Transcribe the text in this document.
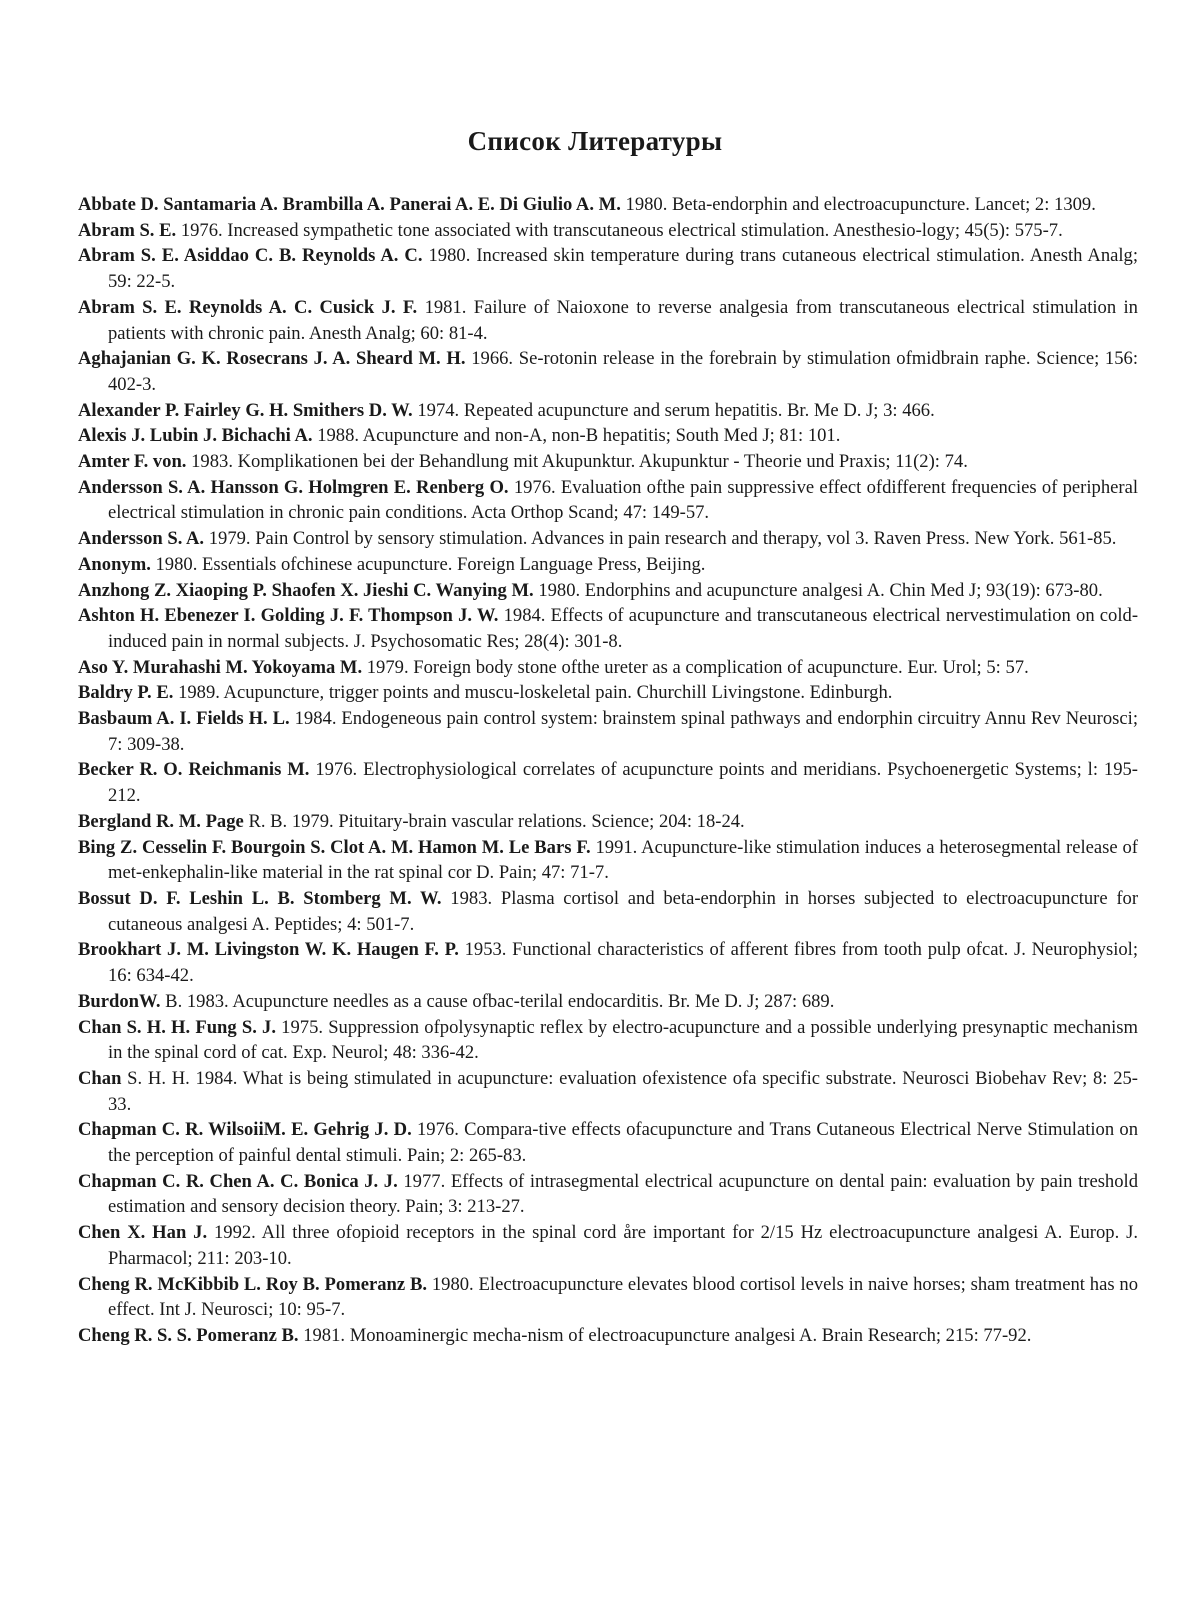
Список Литературы
Abbate D. Santamaria A. Brambilla A. Panerai A. E. Di Giulio A. M. 1980. Beta-endorphin and electroacupuncture. Lancet; 2: 1309.
Abram S. E. 1976. Increased sympathetic tone associated with transcutaneous electrical stimulation. Anesthesio-logy; 45(5): 575-7.
Abram S. E. Asiddao C. B. Reynolds A. C. 1980. Increased skin temperature during trans cutaneous electrical stimulation. Anesth Analg; 59: 22-5.
Abram S. E. Reynolds A. C. Cusick J. F. 1981. Failure of Naioxone to reverse analgesia from transcutaneous electrical stimulation in patients with chronic pain. Anesth Analg; 60: 81-4.
Aghajanian G. K. Rosecrans J. A. Sheard M. H. 1966. Se-rotonin release in the forebrain by stimulation ofmidbrain raphe. Science; 156: 402-3.
Alexander P. Fairley G. H. Smithers D. W. 1974. Repeated acupuncture and serum hepatitis. Br. Me D. J; 3: 466.
Alexis J. Lubin J. Bichachi A. 1988. Acupuncture and non-A, non-B hepatitis; South Med J; 81: 101.
Amter F. von. 1983. Komplikationen bei der Behandlung mit Akupunktur. Akupunktur - Theorie und Praxis; 11(2): 74.
Andersson S. A. Hansson G. Holmgren E. Renberg O. 1976. Evaluation ofthe pain suppressive effect ofdifferent frequencies of peripheral electrical stimulation in chronic pain conditions. Acta Orthop Scand; 47: 149-57.
Andersson S. A. 1979. Pain Control by sensory stimulation. Advances in pain research and therapy, vol 3. Raven Press. New York. 561-85.
Anonym. 1980. Essentials ofchinese acupuncture. Foreign Language Press, Beijing.
Anzhong Z. Xiaoping P. Shaofen X. Jieshi C. Wanying M. 1980. Endorphins and acupuncture analgesi A. Chin Med J; 93(19): 673-80.
Ashton H. Ebenezer I. Golding J. F. Thompson J. W. 1984. Effects of acupuncture and transcutaneous electrical nervestimulation on cold-induced pain in normal subjects. J. Psychosomatic Res; 28(4): 301-8.
Aso Y. Murahashi M. Yokoyama M. 1979. Foreign body stone ofthe ureter as a complication of acupuncture. Eur. Urol; 5: 57.
Baldry P. E. 1989. Acupuncture, trigger points and muscu-loskeletal pain. Churchill Livingstone. Edinburgh.
Basbaum A. I. Fields H. L. 1984. Endogeneous pain control system: brainstem spinal pathways and endorphin circuitry Annu Rev Neurosci; 7: 309-38.
Becker R. O. Reichmanis M. 1976. Electrophysiological correlates of acupuncture points and meridians. Psychoenergetic Systems; l: 195-212.
Bergland R. M. Page R. B. 1979. Pituitary-brain vascular relations. Science; 204: 18-24.
Bing Z. Cesselin F. Bourgoin S. Clot A. M. Hamon M. Le Bars F. 1991. Acupuncture-like stimulation induces a heterosegmental release of met-enkephalin-like material in the rat spinal cor D. Pain; 47: 71-7.
Bossut D. F. Leshin L. B. Stomberg M. W. 1983. Plasma cortisol and beta-endorphin in horses subjected to electroacupuncture for cutaneous analgesi A. Peptides; 4: 501-7.
Brookhart J. M. Livingston W. K. Haugen F. P. 1953. Functional characteristics of afferent fibres from tooth pulp ofcat. J. Neurophysiol; 16: 634-42.
BurdonW. B. 1983. Acupuncture needles as a cause ofbac-terilal endocarditis. Br. Me D. J; 287: 689.
Chan S. H. H. Fung S. J. 1975. Suppression ofpolysynaptic reflex by electro-acupuncture and a possible underlying presynaptic mechanism in the spinal cord of cat. Exp. Neurol; 48: 336-42.
Chan S. H. H. 1984. What is being stimulated in acupuncture: evaluation ofexistence ofa specific substrate. Neurosci Biobehav Rev; 8: 25-33.
Chapman C. R. WilsoiiM. E. Gehrig J. D. 1976. Compara-tive effects ofacupuncture and Trans Cutaneous Electrical Nerve Stimulation on the perception of painful dental stimuli. Pain; 2: 265-83.
Chapman C. R. Chen A. C. Bonica J. J. 1977. Effects of intrasegmental electrical acupuncture on dental pain: evaluation by pain treshold estimation and sensory decision theory. Pain; 3: 213-27.
Chen X. Han J. 1992. All three ofopioid receptors in the spinal cord åre important for 2/15 Hz electroacupuncture analgesi A. Europ. J. Pharmacol; 211: 203-10.
Cheng R. McKibbib L. Roy B. Pomeranz B. 1980. Electroacupuncture elevates blood cortisol levels in naive horses; sham treatment has no effect. Int J. Neurosci; 10: 95-7.
Cheng R. S. S. Pomeranz B. 1981. Monoaminergic mecha-nism of electroacupuncture analgesi A. Brain Research; 215: 77-92.
